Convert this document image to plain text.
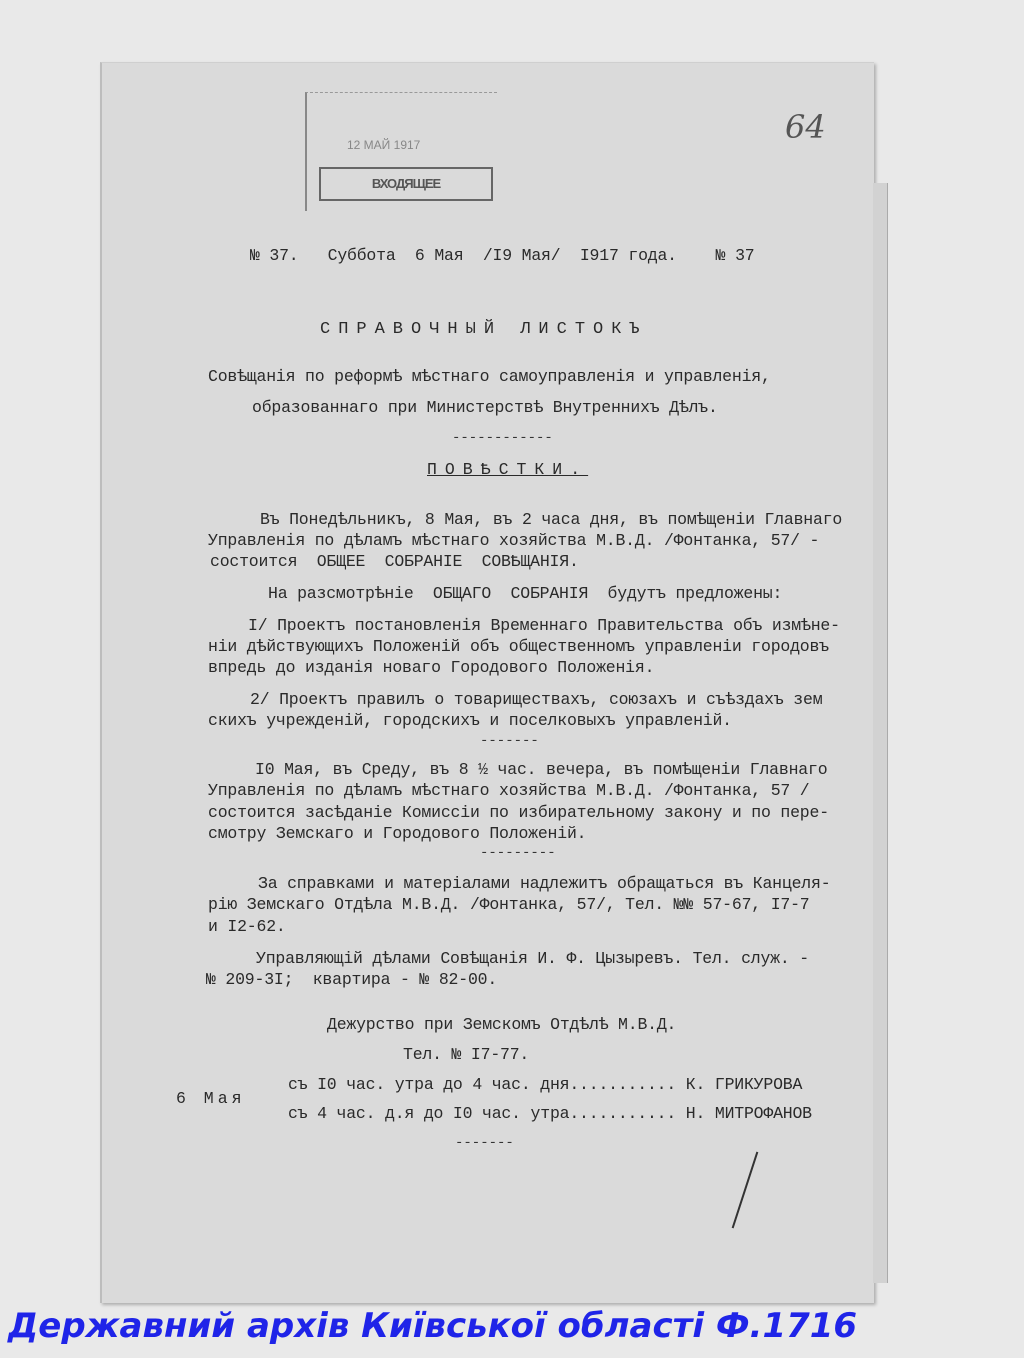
12 МАЙ 1917
ВХОДЯЩЕЕ
64
№ 37.   Суббота  6 Мая  /I9 Мая/  I917 года.    № 37
СПРАВОЧНЫЙ ЛИСТОКЪ
Совѣщанія по реформѣ мѣстнаго самоуправленія и управленія,
образованнаго при Министерствѣ Внутреннихъ Дѣлъ.
------------
ПОВѢСТКИ.
Въ Понедѣльникъ, 8 Мая, въ 2 часа дня, въ помѣщенiи Главнаго
Управленія по дѣламъ мѣстнаго хозяйства М.В.Д. /Фонтанка, 57/ -
состоится  ОБЩЕЕ  СОБРАНIЕ  СОВѢЩАНIЯ.
На разсмотрѣнiе  ОБЩАГО  СОБРАНIЯ  будутъ предложены:
I/ Проектъ постановленія Временнаго Правительства объ измѣне-
нiи дѣйствующихъ Положенiй объ общественномъ управленiи городовъ
впредь до изданія новаго Городового Положенія.
2/ Проектъ правилъ о товариществахъ, союзахъ и съѣздахъ зем
скихъ учрежденiй, городскихъ и поселковыхъ управленiй.
-------
I0 Мая, въ Среду, въ 8 ½ час. вечера, въ помѣщенiи Главнаго
Управленія по дѣламъ мѣстнаго хозяйства М.В.Д. /Фонтанка, 57 /
состоится засѣданiе Комиссiи по избирательному закону и по пере-
смотру Земскаго и Городового Положенiй.
---------
За справками и матерiалами надлежитъ обращаться въ Канцеля-
рiю Земскаго Отдѣла М.В.Д. /Фонтанка, 57/, Тел. №№ 57-67, I7-7
и I2-62.
Управляющiй дѣлами Совѣщанія И. Ф. Цызыревъ. Тел. служ. -
№ 209-3I;  квартира - № 82-00.
Дежурство при Земскомъ Отдѣлѣ М.В.Д.
Тел. № I7-77.
6 Мая
съ I0 час. утра до 4 час. дня........... К. ГРИКУРОВА
съ 4 час. д.я до I0 час. утра........... Н. МИТРОФАНОВ
-------
Державний архів Київської області Ф.1716
